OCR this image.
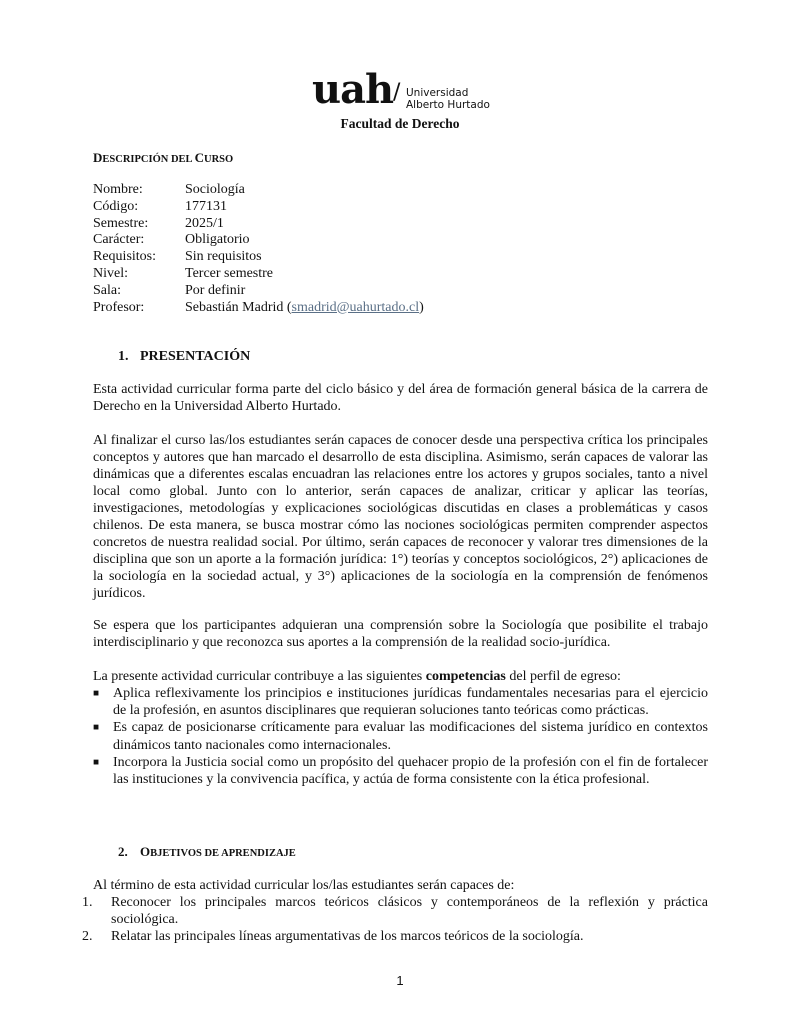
uah / Universidad
Alberto Hurtado
Facultad de Derecho
DESCRIPCIÓN DEL CURSO
Nombre:	Sociología
Código:	177131
Semestre:	2025/1
Carácter:	Obligatorio
Requisitos:	Sin requisitos
Nivel:	Tercer semestre
Sala:	Por definir
Profesor:	Sebastián Madrid (smadrid@uahurtado.cl)
1. PRESENTACIÓN

Esta actividad curricular forma parte del ciclo básico y del área de formación general básica de la carrera de Derecho en la Universidad Alberto Hurtado.

Al finalizar el curso las/los estudiantes serán capaces de conocer desde una perspectiva crítica los principales conceptos y autores que han marcado el desarrollo de esta disciplina. Asimismo, serán capaces de valorar las dinámicas que a diferentes escalas encuadran las relaciones entre los actores y grupos sociales, tanto a nivel local como global. Junto con lo anterior, serán capaces de analizar, criticar y aplicar las teorías, investigaciones, metodologías y explicaciones sociológicas discutidas en clases a problemáticas y casos chilenos. De esta manera, se busca mostrar cómo las nociones sociológicas permiten comprender aspectos concretos de nuestra realidad social. Por último, serán capaces de reconocer y valorar tres dimensiones de la disciplina que son un aporte a la formación jurídica: 1°) teorías y conceptos sociológicos, 2°) aplicaciones de la sociología en la sociedad actual, y 3°) aplicaciones de la sociología en la comprensión de fenómenos jurídicos.

Se espera que los participantes adquieran una comprensión sobre la Sociología que posibilite el trabajo interdisciplinario y que reconozca sus aportes a la comprensión de la realidad socio-jurídica.

La presente actividad curricular contribuye a las siguientes competencias del perfil de egreso:

■ Aplica reflexivamente los principios e instituciones jurídicas fundamentales necesarias para el ejercicio de la profesión, en asuntos disciplinares que requieran soluciones tanto teóricas como prácticas.
■ Es capaz de posicionarse críticamente para evaluar las modificaciones del sistema jurídico en contextos dinámicos tanto nacionales como internacionales.
■ Incorpora la Justicia social como un propósito del quehacer propio de la profesión con el fin de fortalecer las instituciones y la convivencia pacífica, y actúa de forma consistente con la ética profesional.
2. OBJETIVOS DE APRENDIZAJE

Al término de esta actividad curricular los/las estudiantes serán capaces de:

1. Reconocer los principales marcos teóricos clásicos y contemporáneos de la reflexión y práctica sociológica.
2. Relatar las principales líneas argumentativas de los marcos teóricos de la sociología.
1
